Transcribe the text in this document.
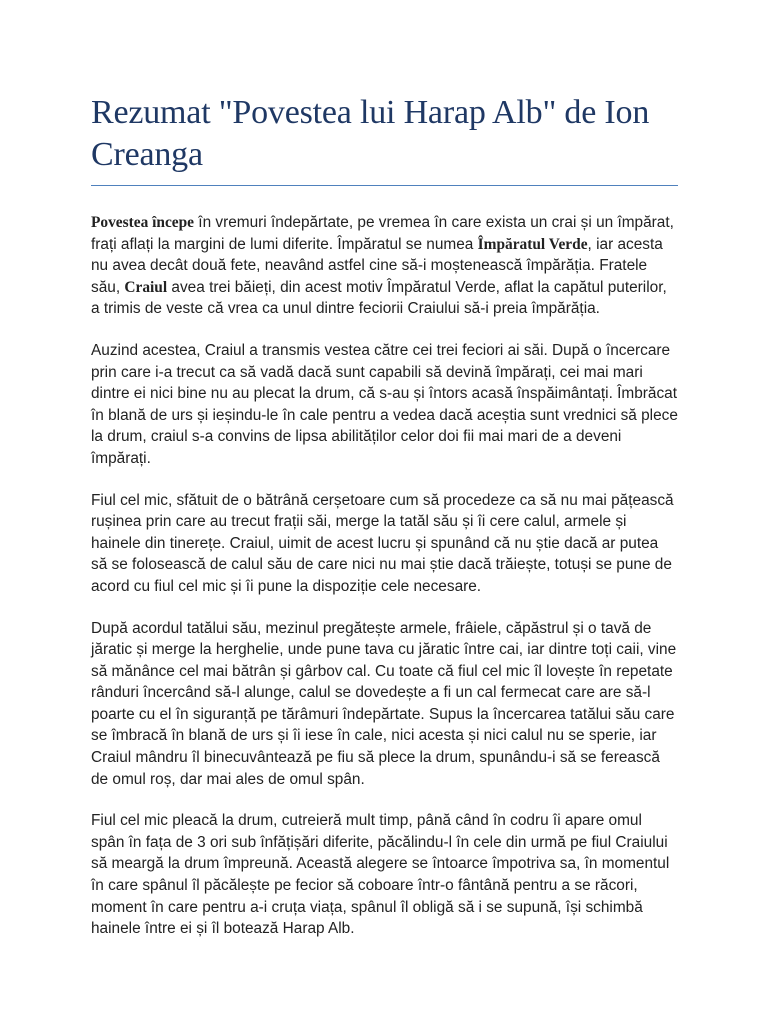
Rezumat "Povestea lui Harap Alb" de Ion Creanga

Povestea începe în vremuri îndepărtate, pe vremea în care exista un crai și un împărat, frați aflați la margini de lumi diferite. Împăratul se numea Împăratul Verde, iar acesta nu avea decât două fete, neavând astfel cine să-i moștenească împărăția. Fratele său, Craiul avea trei băieți, din acest motiv Împăratul Verde, aflat la capătul puterilor, a trimis de veste că vrea ca unul dintre feciorii Craiului să-i preia împărăția.

Auzind acestea, Craiul a transmis vestea către cei trei feciori ai săi. După o încercare prin care i-a trecut ca să vadă dacă sunt capabili să devină împărați, cei mai mari dintre ei nici bine nu au plecat la drum, că s-au și întors acasă înspăimântați. Îmbrăcat în blană de urs și ieșindu-le în cale pentru a vedea dacă aceștia sunt vrednici să plece la drum, craiul s-a convins de lipsa abilităților celor doi fii mai mari de a deveni împărați.

Fiul cel mic, sfătuit de o bătrână cerșetoare cum să procedeze ca să nu mai pățească rușinea prin care au trecut frații săi, merge la tatăl său și îi cere calul, armele și hainele din tinerețe. Craiul, uimit de acest lucru și spunând că nu știe dacă ar putea să se folosească de calul său de care nici nu mai știe dacă trăiește, totuși se pune de acord cu fiul cel mic și îi pune la dispoziție cele necesare.

După acordul tatălui său, mezinul pregătește armele, frâiele, căpăstrul și o tavă de jăratic și merge la herghelie, unde pune tava cu jăratic între cai, iar dintre toți caii, vine să mănânce cel mai bătrân și gârbov cal. Cu toate că fiul cel mic îl lovește în repetate rânduri încercând să-l alunge, calul se dovedește a fi un cal fermecat care are să-l poarte cu el în siguranță pe tărâmuri îndepărtate. Supus la încercarea tatălui său care se îmbracă în blană de urs și îi iese în cale, nici acesta și nici calul nu se sperie, iar Craiul mândru îl binecuvântează pe fiu să plece la drum, spunându-i să se ferească de omul roș, dar mai ales de omul spân.

Fiul cel mic pleacă la drum, cutreieră mult timp, până când în codru îi apare omul spân în fața de 3 ori sub înfățișări diferite, păcălindu-l în cele din urmă pe fiul Craiului să meargă la drum împreună. Această alegere se întoarce împotriva sa, în momentul în care spânul îl păcălește pe fecior să coboare într-o fântână pentru a se răcori, moment în care pentru a-i cruța viața, spânul îl obligă să i se supună, își schimbă hainele între ei și îl botează Harap Alb.
